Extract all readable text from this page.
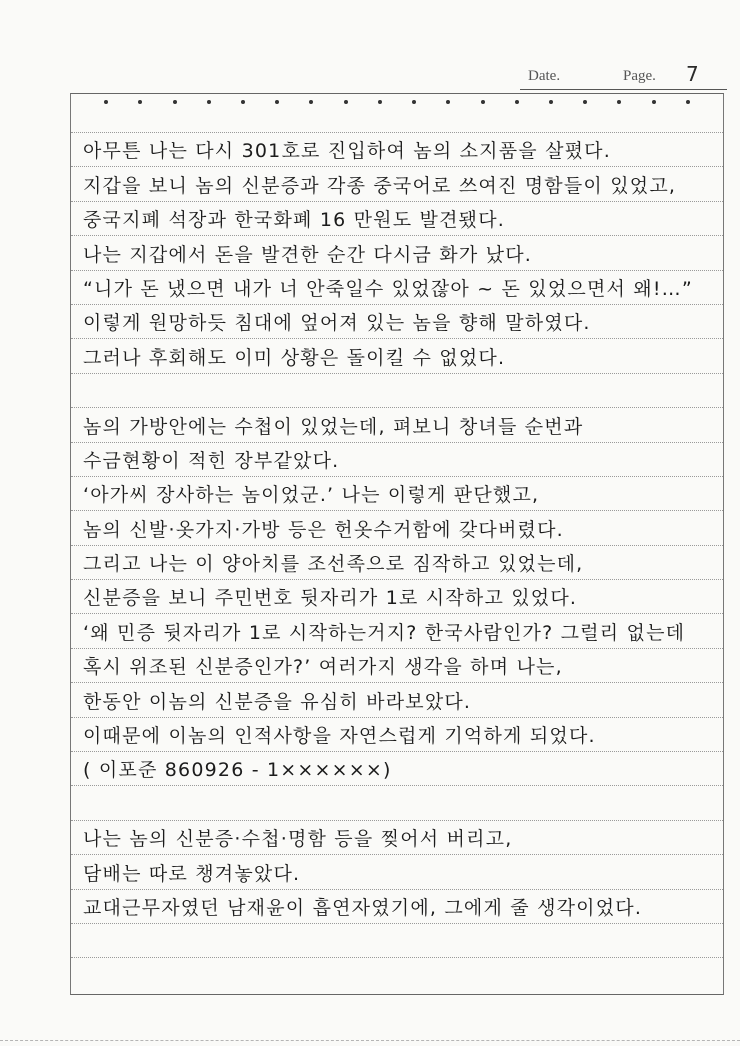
Date.	Page. 7
아무튼 나는 다시 301호로 진입하여 놈의 소지품을 살폈다.
지갑을 보니 놈의 신분증과 각종 중국어로 쓰여진 명함들이 있었고,
중국지폐 석장과 한국화폐 16 만원도 발견됐다.
나는 지갑에서 돈을 발견한 순간 다시금 화가 났다.
“니가 돈 냈으면 내가 너 안죽일수 있었잖아 ~ 돈 있었으면서 왜!…”
이렇게 원망하듯 침대에 엎어져 있는 놈을 향해 말하였다.
그러나 후회해도 이미 상황은 돌이킬 수 없었다.
놈의 가방안에는 수첩이 있었는데, 펴보니 창녀들 순번과
수금현황이 적힌 장부같았다.
‘아가씨 장사하는 놈이었군.’ 나는 이렇게 판단했고,
놈의 신발·옷가지·가방 등은 헌옷수거함에 갖다버렸다.
그리고 나는 이 양아치를 조선족으로 짐작하고 있었는데,
신분증을 보니 주민번호 뒷자리가 1로 시작하고 있었다.
‘왜 민증 뒷자리가 1로 시작하는거지? 한국사람인가? 그럴리 없는데
혹시 위조된 신분증인가?’ 여러가지 생각을 하며 나는,
한동안 이놈의 신분증을 유심히 바라보았다.
이때문에 이놈의 인적사항을 자연스럽게 기억하게 되었다.
( 이포준 860926 - 1××××××)
나는 놈의 신분증·수첩·명함 등을 찢어서 버리고,
담배는 따로 챙겨놓았다.
교대근무자였던 남재윤이 흡연자였기에, 그에게 줄 생각이었다.
